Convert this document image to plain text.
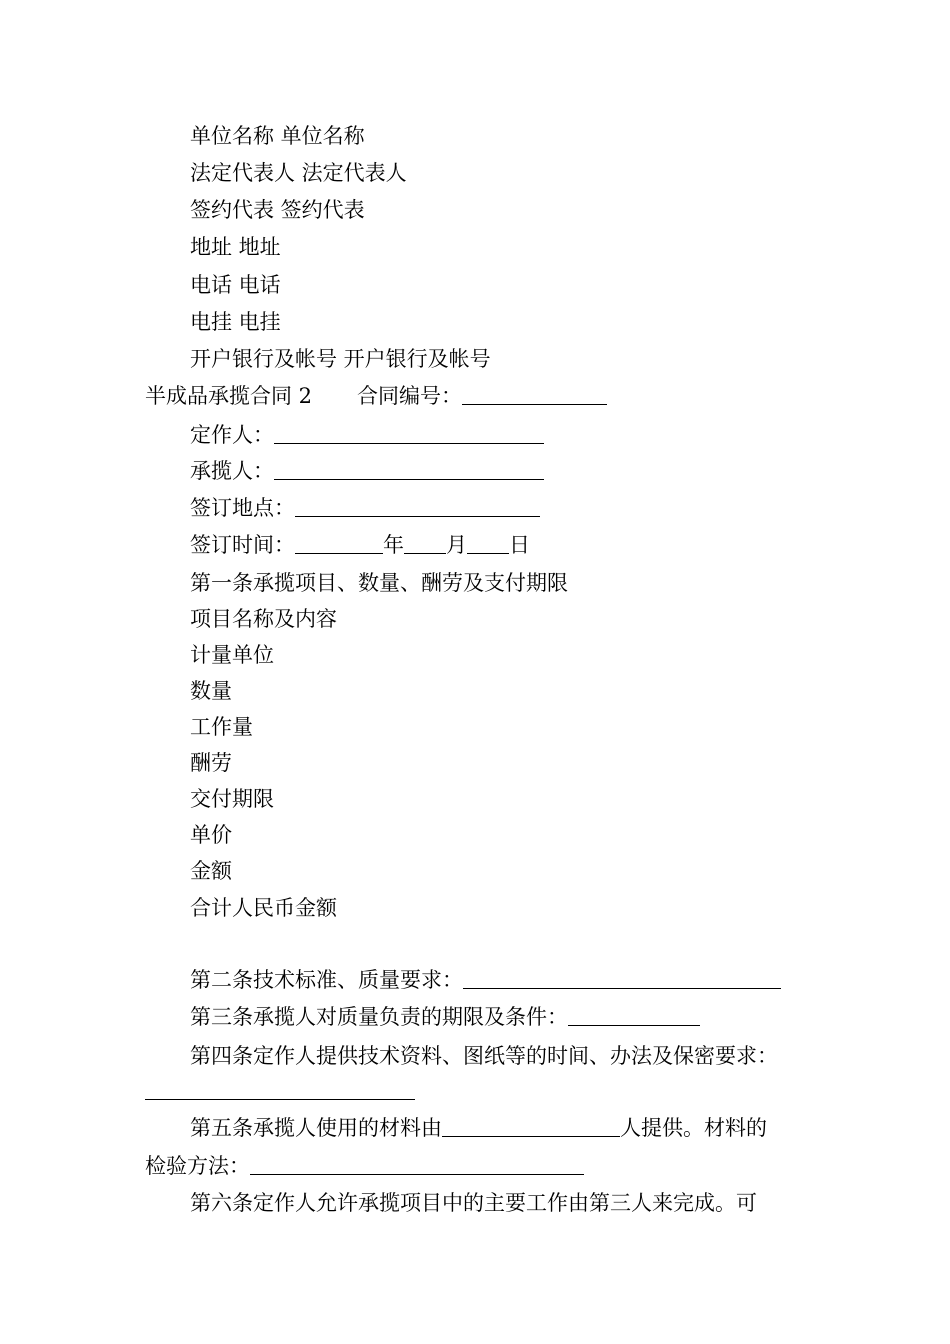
单位名称 单位名称
法定代表人 法定代表人
签约代表 签约代表
地址 地址
电话 电话
电挂 电挂
开户银行及帐号 开户银行及帐号
半成品承揽合同 2 合同编号：
定作人：
承揽人：
签订地点：
签订时间：	年 月 日
第一条承揽项目、数量、酬劳及支付期限
项目名称及内容
计量单位
数量
工作量
酬劳
交付期限
单价
金额
合计人民币金额
第二条技术标准、质量要求：
第三条承揽人对质量负责的期限及条件：
第四条定作人提供技术资料、图纸等的时间、办法及保密要求：
第五条承揽人使用的材料由	人提供。材料的
检验方法：
第六条定作人允许承揽项目中的主要工作由第三人来完成。可
